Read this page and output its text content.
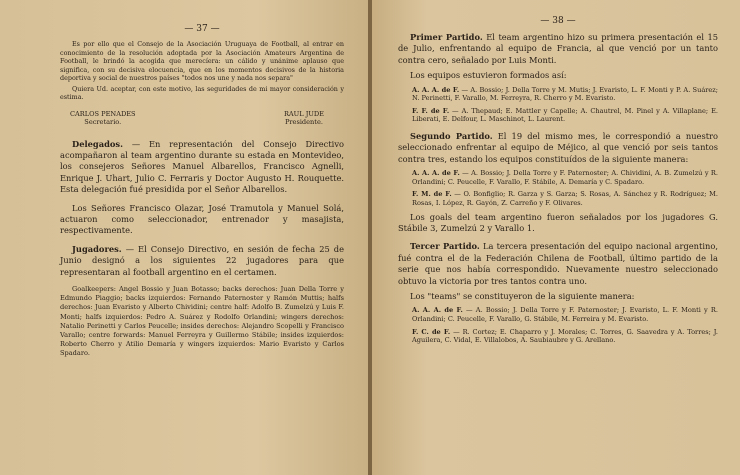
— 37 —

Es por ello que el Consejo de la Asociación Uruguaya de Football, al entrar en conocimiento de la resolución adoptada por la Asociación Amateurs Argentina de Football, le brindó la acogida que merecíera: un cálido y unánime aplauso que significa, con su decisiva elocuencia, que en los momentos decisivos de la historia deportiva y social de nuestros países "todos nos une y nada nos separa"

Quiera Ud. aceptar, con este motivo, las seguridades de mi mayor consideración y estima.

CARLOS PENADES
Secretario.
RAUL JUDE
Presidente.

Delegados. — En representación del Consejo Directivo acompañaron al team argentino durante su estada en Montevideo, los consejeros Señores Manuel Albarellos, Francisco Agnelli, Enrique J. Uhart, Julio C. Ferraris y Doctor Augusto H. Rouquette. Esta delegación fué presidida por el Señor Albarellos.

Los Señores Francisco Olazar, José Tramutola y Manuel Solá, actuaron como seleccionador, entrenador y masajista, respectivamente.

Jugadores. — El Consejo Directivo, en sesión de fecha 25 de Junio designó a los siguientes 22 jugadores para que representaran al football argentino en el certamen.

Goalkeepers: Angel Bossio y Juan Botasso; backs derechos: Juan Della Torre y Edmundo Piaggio; backs izquierdos: Fernando Paternoster y Ramón Muttis; halfs derechos: Juan Evaristo y Alberto Chividini; centre half: Adolfo B. Zumelzú y Luis F. Monti; halfs izquierdos: Pedro A. Suárez y Rodolfo Orlandini; wingers derechos: Natalio Perinetti y Carlos Peucelle; insides derechos: Alejandro Scopelli y Francisco Varallo; centre forwards: Manuel Ferreyra y Guillermo Stábile; insides izquierdos: Roberto Cherro y Atilio Demaría y wingers izquierdos: Mario Evaristo y Carlos Spadaro.

— 38 —

Primer Partido. El team argentino hizo su primera presentación el 15 de Julio, enfrentando al equipo de Francia, al que venció por un tanto contra cero, señalado por Luis Monti.

Los equipos estuvieron formados así:

A. A. A. de F. — A. Bossio; J. Della Torre y M. Mutis; J. Evaristo, L. F. Monti y P. A. Suárez; N. Perinetti, F. Varallo, M. Ferreyra, R. Cherro y M. Evaristo.

F. F. de F. — A. Thepaud; E. Mattler y Capelle; A. Chautrel, M. Pinel y A. Villaplane; E. Liberati, E. Delfour, L. Maschinot, L. Laurent.

Segundo Partido. El 19 del mismo mes, le correspondió a nuestro seleccionado enfrentar al equipo de Méjico, al que venció por seis tantos contra tres, estando los equipos constituídos de la siguiente manera:

A. A. A. de F. — A. Bossio; J. Della Torre y F. Paternoster; A. Chividini, A. B. Zumelzú y R. Orlandini; C. Peucelle, F. Varallo, F. Stábile, A. Demaría y C. Spadaro.

F. M. de F. — O. Bonfiglio; R. Garza y S. Garza; S. Rosas, A. Sánchez y R. Rodríguez; M. Rosas, I. López, R. Gayón, Z. Carreño y F. Olivares.

Los goals del team argentino fueron señalados por los jugadores G. Stábile 3, Zumelzú 2 y Varallo 1.

Tercer Partido. La tercera presentación del equipo nacional argentino, fué contra el de la Federación Chilena de Football, último partido de la serie que nos había correspondido. Nuevamente nuestro seleccionado obtuvo la victoria por tres tantos contra uno.

Los "teams" se constituyeron de la siguiente manera:

A. A. A. de F. — A. Bossio; J. Della Torre y F. Paternoster; J. Evaristo, L. F. Monti y R. Orlandini; C. Peucelle, F. Varallo, G. Stábile, M. Ferreira y M. Evaristo.

F. C. de F. — R. Cortez; E. Chaparro y J. Morales; C. Torres, G. Saavedra y A. Torres; J. Aguilera, C. Vidal, E. Villalobos, A. Saubiaubre y G. Arellano.
